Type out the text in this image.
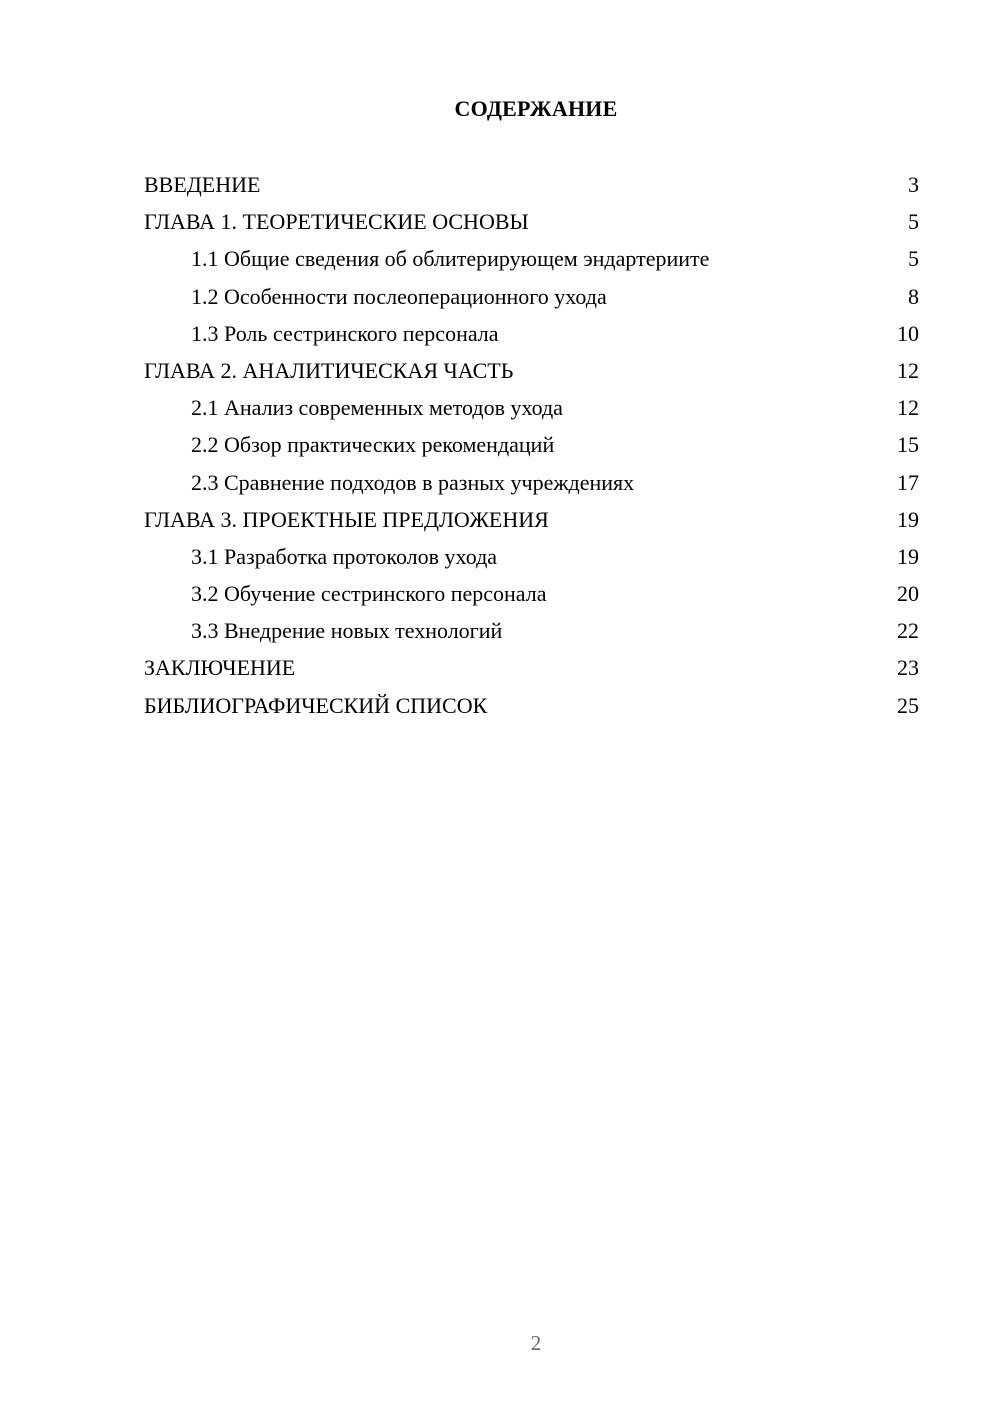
СОДЕРЖАНИЕ
ВВЕДЕНИЕ	3
ГЛАВА 1. ТЕОРЕТИЧЕСКИЕ ОСНОВЫ	5
1.1 Общие сведения об облитерирующем эндартериите	5
1.2 Особенности послеоперационного ухода	8
1.3 Роль сестринского персонала	10
ГЛАВА 2. АНАЛИТИЧЕСКАЯ ЧАСТЬ	12
2.1 Анализ современных методов ухода	12
2.2 Обзор практических рекомендаций	15
2.3 Сравнение подходов в разных учреждениях	17
ГЛАВА 3. ПРОЕКТНЫЕ ПРЕДЛОЖЕНИЯ	19
3.1 Разработка протоколов ухода	19
3.2 Обучение сестринского персонала	20
3.3 Внедрение новых технологий	22
ЗАКЛЮЧЕНИЕ	23
БИБЛИОГРАФИЧЕСКИЙ СПИСОК	25
2
